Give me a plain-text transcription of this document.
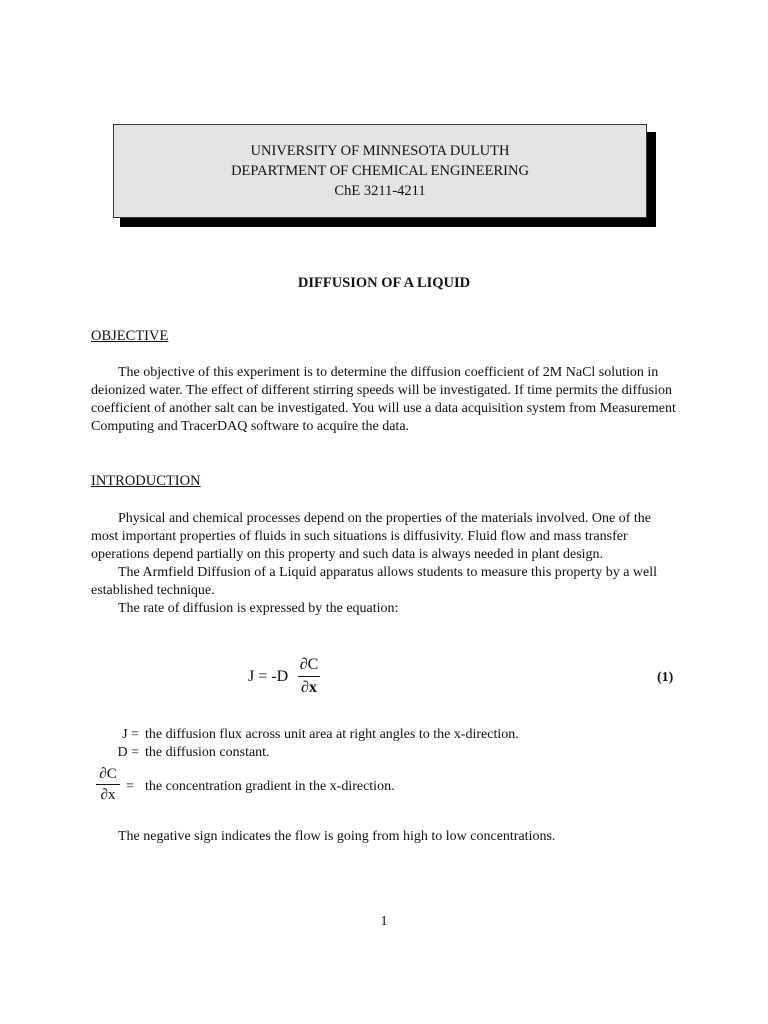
UNIVERSITY OF MINNESOTA DULUTH
DEPARTMENT OF CHEMICAL ENGINEERING
ChE 3211-4211
DIFFUSION OF A LIQUID
OBJECTIVE

The objective of this experiment is to determine the diffusion coefficient of 2M NaCl solution in deionized water. The effect of different stirring speeds will be investigated. If time permits the diffusion coefficient of another salt can be investigated. You will use a data acquisition system from Measurement Computing and TracerDAQ software to acquire the data.

INTRODUCTION

Physical and chemical processes depend on the properties of the materials involved. One of the most important properties of fluids in such situations is diffusivity. Fluid flow and mass transfer operations depend partially on this property and such data is always needed in plant design.

The Armfield Diffusion of a Liquid apparatus allows students to measure this property by a well established technique.

The rate of diffusion is expressed by the equation:

J = -D
∂C
∂x
(1)
J = the diffusion flux across unit area at right angles to the x-direction.
D = the diffusion constant.
∂C
∂x
= the concentration gradient in the x-direction.

The negative sign indicates the flow is going from high to low concentrations.

1
